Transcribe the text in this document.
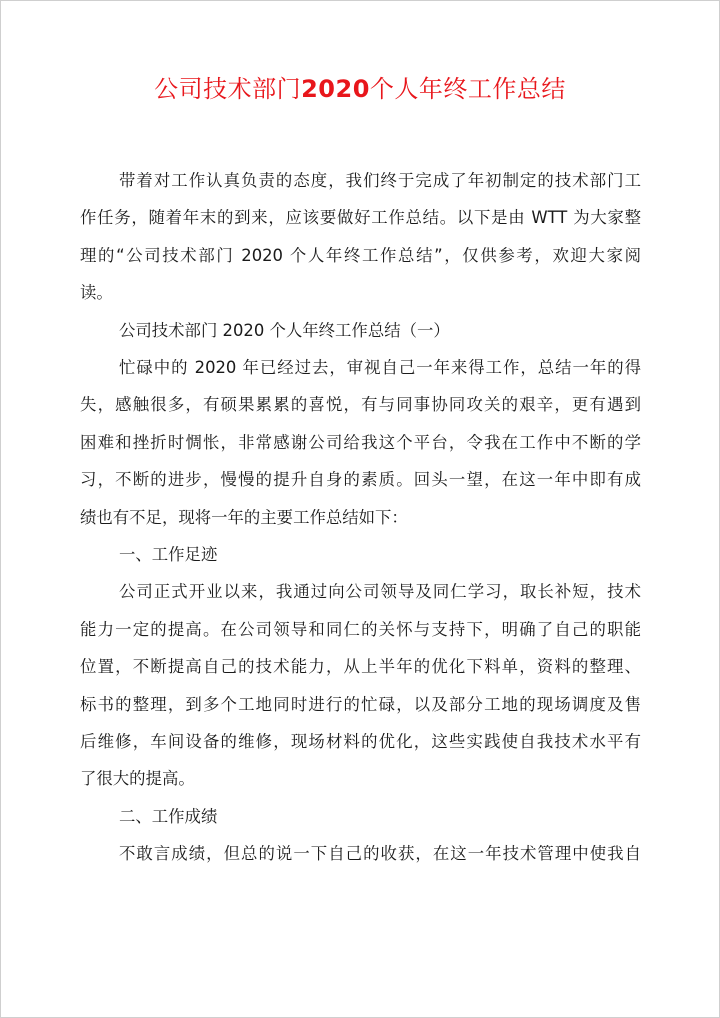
公司技术部门2020个人年终工作总结
带着对工作认真负责的态度，我们终于完成了年初制定的技术部门工
作任务，随着年末的到来，应该要做好工作总结。以下是由 WTT 为大家整
理的“公司技术部门 2020 个人年终工作总结”，仅供参考，欢迎大家阅
读。
公司技术部门 2020 个人年终工作总结（一）
忙碌中的 2020 年已经过去，审视自己一年来得工作，总结一年的得
失，感触很多，有硕果累累的喜悦，有与同事协同攻关的艰辛，更有遇到
困难和挫折时惆怅，非常感谢公司给我这个平台，令我在工作中不断的学
习，不断的进步，慢慢的提升自身的素质。回头一望，在这一年中即有成
绩也有不足，现将一年的主要工作总结如下：
一、工作足迹
公司正式开业以来，我通过向公司领导及同仁学习，取长补短，技术
能力一定的提高。在公司领导和同仁的关怀与支持下，明确了自己的职能
位置，不断提高自己的技术能力，从上半年的优化下料单，资料的整理、
标书的整理，到多个工地同时进行的忙碌，以及部分工地的现场调度及售
后维修，车间设备的维修，现场材料的优化，这些实践使自我技术水平有
了很大的提高。
二、工作成绩
不敢言成绩，但总的说一下自己的收获，在这一年技术管理中使我自
